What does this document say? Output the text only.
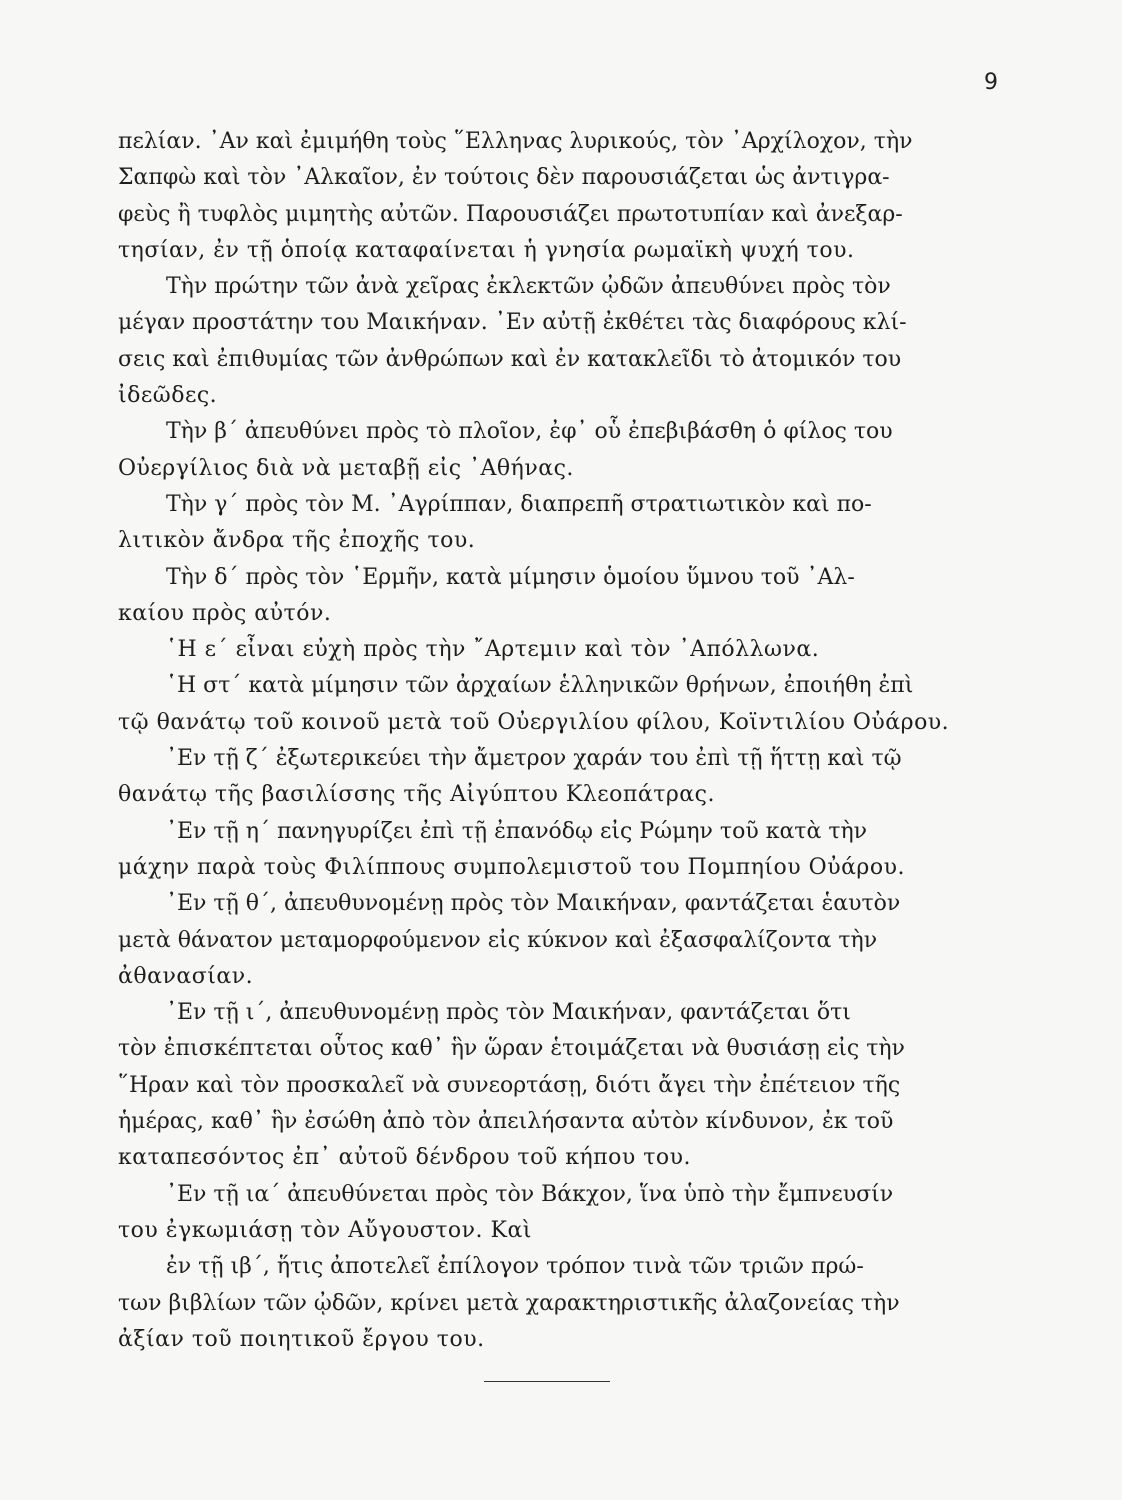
9
πελίαν. ᾿Αν καὶ ἐμιμήθη τοὺς ῞Ελληνας λυρικούς, τὸν ᾿Αρχίλοχον, τὴν
Σαπφὼ καὶ τὸν ᾿Αλκαῖον, ἐν τούτοις δὲν παρουσιάζεται ὡς ἀντιγρα-
φεὺς ἢ τυφλὸς μιμητὴς αὐτῶν. Παρουσιάζει πρωτοτυπίαν καὶ ἀνεξαρ-
τησίαν, ἐν τῇ ὁποίᾳ καταφαίνεται ἡ γνησία ρωμαϊκὴ ψυχή του.
Τὴν πρώτην τῶν ἀνὰ χεῖρας ἐκλεκτῶν ᾠδῶν ἀπευθύνει πρὸς τὸν
μέγαν προστάτην του Μαικήναν. ᾿Εν αὐτῇ ἐκθέτει τὰς διαφόρους κλί-
σεις καὶ ἐπιθυμίας τῶν ἀνθρώπων καὶ ἐν κατακλεῖδι τὸ ἀτομικόν του
ἰδεῶδες.
Τὴν β΄ ἀπευθύνει πρὸς τὸ πλοῖον, ἐφ᾿ οὗ ἐπεβιβάσθη ὁ φίλος του
Οὐεργίλιος διὰ νὰ μεταβῇ εἰς ᾿Αθήνας.
Τὴν γ΄ πρὸς τὸν Μ. ᾿Αγρίππαν, διαπρεπῆ στρατιωτικὸν καὶ πο-
λιτικὸν ἄνδρα τῆς ἐποχῆς του.
Τὴν δ΄ πρὸς τὸν ῾Ερμῆν, κατὰ μίμησιν ὁμοίου ὕμνου τοῦ ᾿Αλ-
καίου πρὸς αὐτόν.
῾Η ε΄ εἶναι εὐχὴ πρὸς τὴν ῎Αρτεμιν καὶ τὸν ᾿Απόλλωνα.
῾Η στ΄ κατὰ μίμησιν τῶν ἀρχαίων ἑλληνικῶν θρήνων, ἐποιήθη ἐπὶ
τῷ θανάτῳ τοῦ κοινοῦ μετὰ τοῦ Οὐεργιλίου φίλου, Κοϊντιλίου Οὐάρου.
᾿Εν τῇ ζ΄ ἐξωτερικεύει τὴν ἄμετρον χαράν του ἐπὶ τῇ ἥττῃ καὶ τῷ
θανάτῳ τῆς βασιλίσσης τῆς Αἰγύπτου Κλεοπάτρας.
᾿Εν τῇ η΄ πανηγυρίζει ἐπὶ τῇ ἐπανόδῳ εἰς Ρώμην τοῦ κατὰ τὴν
μάχην παρὰ τοὺς Φιλίππους συμπολεμιστοῦ του Πομπηίου Οὐάρου.
᾿Εν τῇ θ΄, ἀπευθυνομένῃ πρὸς τὸν Μαικήναν, φαντάζεται ἑαυτὸν
μετὰ θάνατον μεταμορφούμενον εἰς κύκνον καὶ ἐξασφαλίζοντα τὴν
ἀθανασίαν.
᾿Εν τῇ ι΄, ἀπευθυνομένῃ πρὸς τὸν Μαικήναν, φαντάζεται ὅτι
τὸν ἐπισκέπτεται οὗτος καθ᾿ ἣν ὥραν ἑτοιμάζεται νὰ θυσιάσῃ εἰς τὴν
῞Ηραν καὶ τὸν προσκαλεῖ νὰ συνεορτάσῃ, διότι ἄγει τὴν ἐπέτειον τῆς
ἡμέρας, καθ᾿ ἣν ἐσώθη ἀπὸ τὸν ἀπειλήσαντα αὐτὸν κίνδυνον, ἐκ τοῦ
καταπεσόντος ἐπ᾿ αὐτοῦ δένδρου τοῦ κήπου του.
᾿Εν τῇ ια΄ ἀπευθύνεται πρὸς τὸν Βάκχον, ἵνα ὑπὸ τὴν ἔμπνευσίν
του ἐγκωμιάσῃ τὸν Αὔγουστον. Καὶ
ἐν τῇ ιβ΄, ἥτις ἀποτελεῖ ἐπίλογον τρόπον τινὰ τῶν τριῶν πρώ-
των βιβλίων τῶν ᾠδῶν, κρίνει μετὰ χαρακτηριστικῆς ἀλαζονείας τὴν
ἀξίαν τοῦ ποιητικοῦ ἔργου του.
